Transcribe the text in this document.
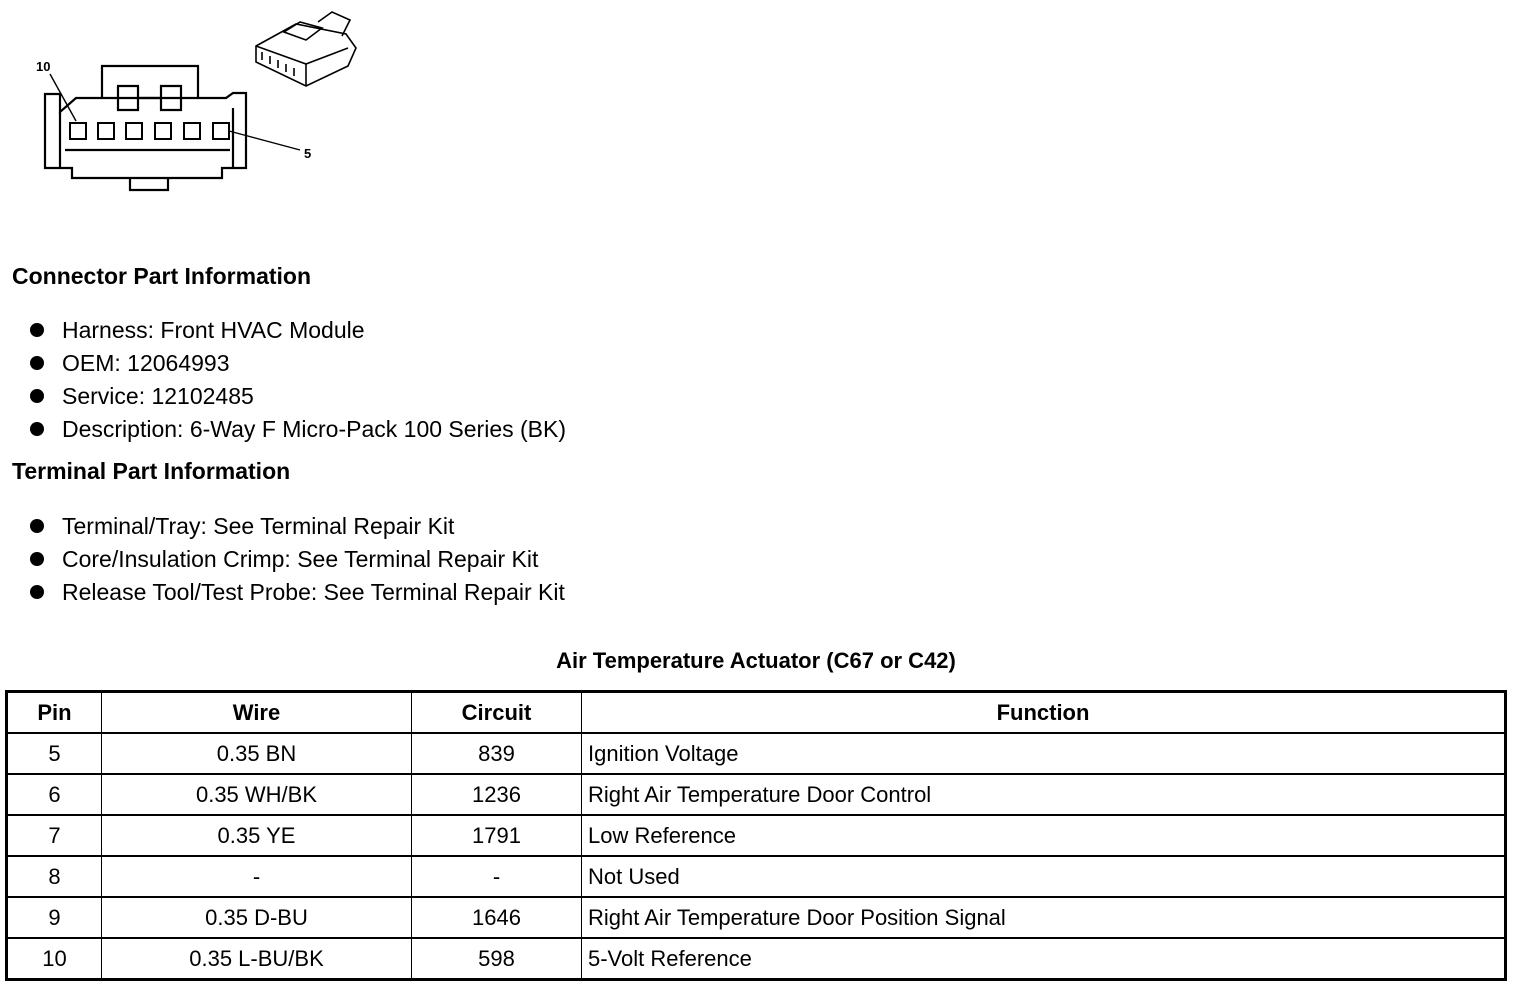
10
5
Connector Part Information
Harness: Front HVAC Module
OEM: 12064993
Service: 12102485
Description: 6-Way F Micro-Pack 100 Series (BK)
Terminal Part Information
Terminal/Tray: See Terminal Repair Kit
Core/Insulation Crimp: See Terminal Repair Kit
Release Tool/Test Probe: See Terminal Repair Kit
Air Temperature Actuator (C67 or C42)
Pin	Wire	Circuit	Function
5	0.35 BN	839	Ignition Voltage
6	0.35 WH/BK	1236	Right Air Temperature Door Control
7	0.35 YE	1791	Low Reference
8	-	-	Not Used
9	0.35 D-BU	1646	Right Air Temperature Door Position Signal
10	0.35 L-BU/BK	598	5-Volt Reference
